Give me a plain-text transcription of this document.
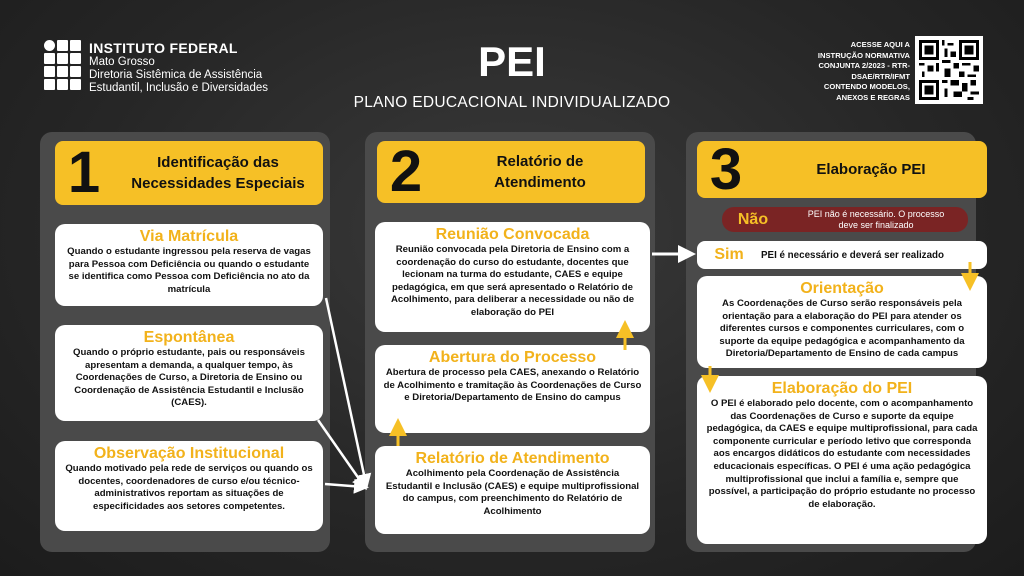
INSTITUTO FEDERAL
Mato Grosso
Diretoria Sistêmica de Assistência
Estudantil, Inclusão e Diversidades
PEI
PLANO EDUCACIONAL INDIVIDUALIZADO
ACESSE AQUI A
INSTRUÇÃO NORMATIVA
CONJUNTA 2/2023 - RTR-
DSAE/RTR/IFMT
CONTENDO MODELOS,
ANEXOS E REGRAS
1	Identificação das
Necessidades Especiais
Via Matrícula
Quando o estudante ingressou pela reserva de vagas para Pessoa com Deficiência ou quando o estudante se identifica como Pessoa com Deficiência no ato da matrícula
Espontânea
Quando o próprio estudante, pais ou responsáveis apresentam a demanda, a qualquer tempo, às Coordenações de Curso, a Diretoria de Ensino ou Coordenação de Assistência Estudantil e Inclusão (CAES).
Observação Institucional
Quando motivado pela rede de serviços ou quando os docentes, coordenadores de curso e/ou técnico-administrativos reportam as situações de especificidades aos setores competentes.
2	Relatório de
Atendimento
Reunião Convocada
Reunião convocada pela Diretoria de Ensino com a coordenação do curso do estudante, docentes que lecionam na turma do estudante, CAES e equipe pedagógica, em que será apresentado o Relatório de Acolhimento, para deliberar a necessidade ou não de elaboração do PEI
Abertura do Processo
Abertura de processo pela CAES, anexando o Relatório de Acolhimento e tramitação às Coordenações de Curso e Diretoria/Departamento de Ensino do campus
Relatório de Atendimento
Acolhimento pela Coordenação de Assistência Estudantil e Inclusão (CAES) e equipe multiprofissional do campus, com preenchimento do Relatório de Acolhimento
3	Elaboração PEI
Não	PEI não é necessário. O processo
deve ser finalizado
Sim	PEI é necessário e deverá ser realizado
Orientação
As Coordenações de Curso serão responsáveis pela orientação para a elaboração do PEI para atender os diferentes cursos e componentes curriculares, com o suporte da equipe pedagógica e acompanhamento da Diretoria/Departamento de Ensino de cada campus
Elaboração do PEI
O PEI é elaborado pelo docente, com o acompanhamento das Coordenações de Curso e suporte da equipe pedagógica, da CAES e equipe multiprofissional, para cada componente curricular e período letivo que corresponda aos encargos didáticos do estudante com necessidades educacionais específicas. O PEI é uma ação pedagógica multiprofissional que inclui a família e, sempre que possível, a participação do próprio estudante no processo de elaboração.
